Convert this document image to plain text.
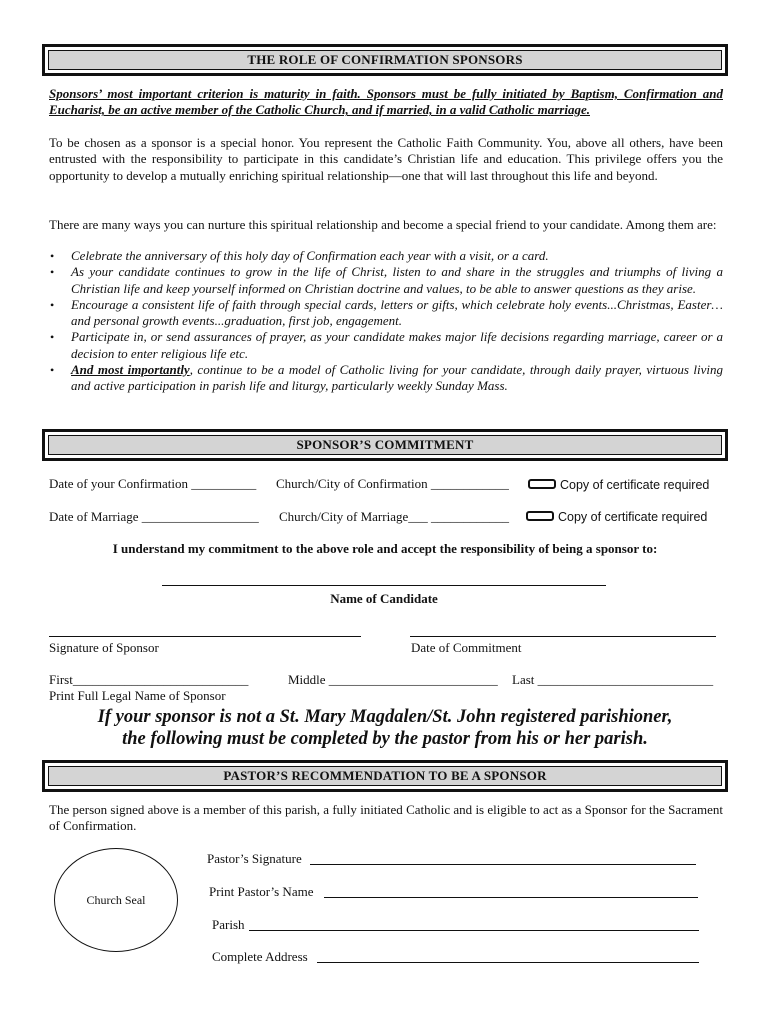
THE ROLE OF CONFIRMATION SPONSORS
Sponsors’ most important criterion is maturity in faith. Sponsors must be fully initiated by Baptism, Confirmation and Eucharist, be an active member of the Catholic Church, and if married, in a valid Catholic marriage.
To be chosen as a sponsor is a special honor. You represent the Catholic Faith Community. You, above all others, have been entrusted with the responsibility to participate in this candidate’s Christian life and education. This privilege offers you the opportunity to develop a mutually enriching spiritual relationship—one that will last throughout this life and beyond.
There are many ways you can nurture this spiritual relationship and become a special friend to your candidate. Among them are:
• Celebrate the anniversary of this holy day of Confirmation each year with a visit, or a card.
• As your candidate continues to grow in the life of Christ, listen to and share in the struggles and triumphs of living a Christian life and keep yourself informed on Christian doctrine and values, to be able to answer questions as they arise.
• Encourage a consistent life of faith through special cards, letters or gifts, which celebrate holy events...Christmas, Easter… and personal growth events...graduation, first job, engagement.
• Participate in, or send assurances of prayer, as your candidate makes major life decisions regarding marriage, career or a decision to enter religious life etc.
• And most importantly, continue to be a model of Catholic living for your candidate, through daily prayer, virtuous living and active participation in parish life and liturgy, particularly weekly Sunday Mass.
SPONSOR’S COMMITMENT
Date of your Confirmation __________ Church/City of Confirmation ____________	Copy of certificate required
Date of Marriage __________________ Church/City of Marriage___ ____________	Copy of certificate required
I understand my commitment to the above role and accept the responsibility of being a sponsor to:
Name of Candidate
Signature of Sponsor	Date of Commitment
First___________________________	Middle __________________________ Last ___________________________
Print Full Legal Name of Sponsor
If your sponsor is not a St. Mary Magdalen/St. John registered parishioner,
the following must be completed by the pastor from his or her parish.
PASTOR’S RECOMMENDATION TO BE A SPONSOR
The person signed above is a member of this parish, a fully initiated Catholic and is eligible to act as a Sponsor for the Sacrament of Confirmation.
Church Seal
Pastor’s Signature
Print Pastor’s Name
Parish
Complete Address
